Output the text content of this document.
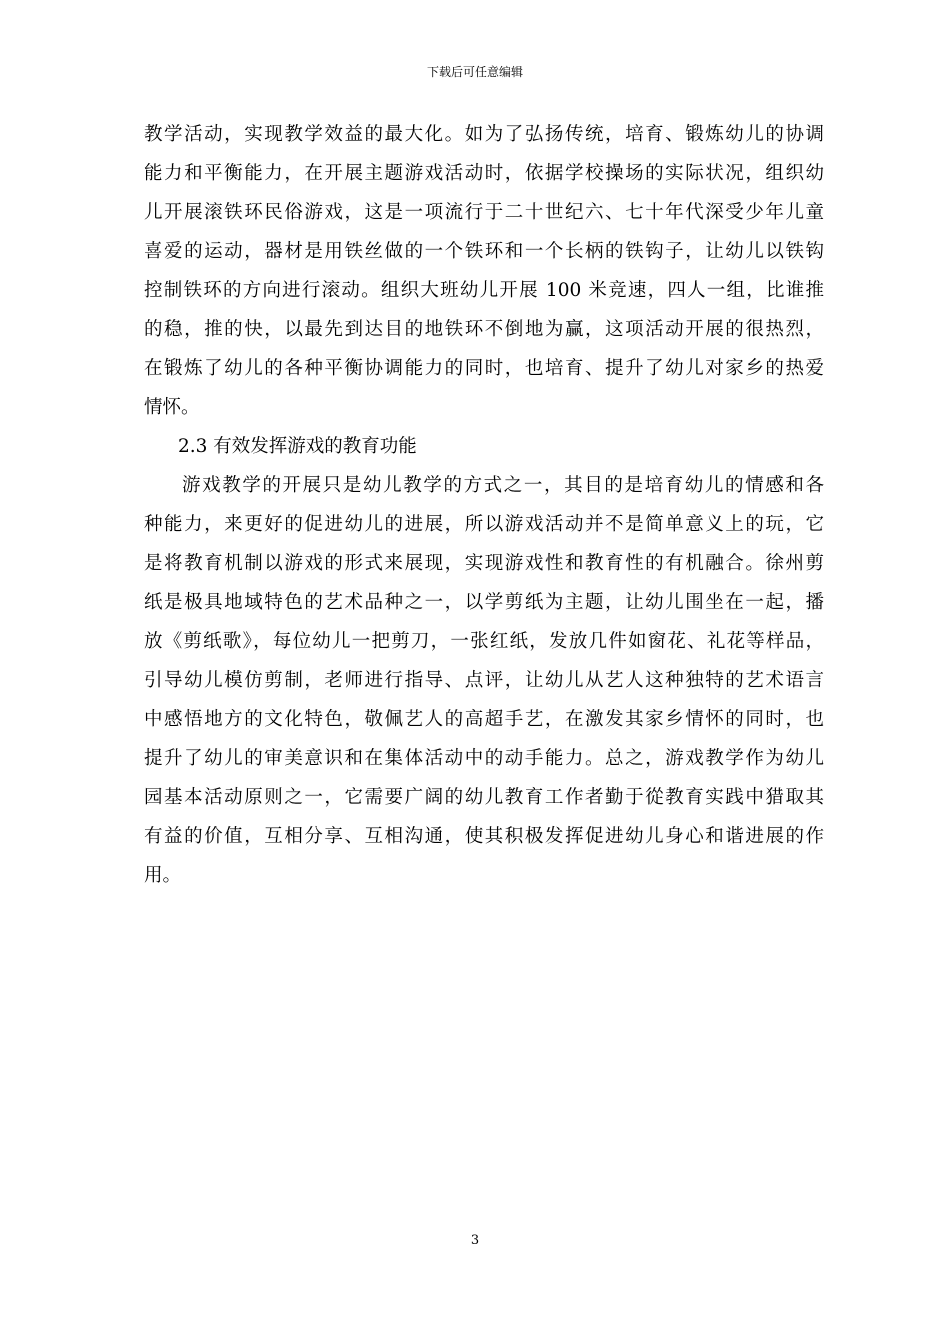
下载后可任意编辑
教学活动，实现教学效益的最大化。如为了弘扬传统，培育、锻炼幼儿的协调
能力和平衡能力，在开展主题游戏活动时，依据学校操场的实际状况，组织幼
儿开展滚铁环民俗游戏，这是一项流行于二十世纪六、七十年代深受少年儿童
喜爱的运动，器材是用铁丝做的一个铁环和一个长柄的铁钩子，让幼儿以铁钩
控制铁环的方向进行滚动。组织大班幼儿开展 100 米竞速，四人一组，比谁推
的稳，推的快，以最先到达目的地铁环不倒地为赢，这项活动开展的很热烈，
在锻炼了幼儿的各种平衡协调能力的同时，也培育、提升了幼儿对家乡的热爱
情怀。
2.3 有效发挥游戏的教育功能
游戏教学的开展只是幼儿教学的方式之一，其目的是培育幼儿的情感和各
种能力，来更好的促进幼儿的进展，所以游戏活动并不是简单意义上的玩，它
是将教育机制以游戏的形式来展现，实现游戏性和教育性的有机融合。徐州剪
纸是极具地域特色的艺术品种之一，以学剪纸为主题，让幼儿围坐在一起，播
放《剪纸歌》，每位幼儿一把剪刀，一张红纸，发放几件如窗花、礼花等样品，
引导幼儿模仿剪制，老师进行指导、点评，让幼儿从艺人这种独特的艺术语言
中感悟地方的文化特色，敬佩艺人的高超手艺，在激发其家乡情怀的同时，也
提升了幼儿的审美意识和在集体活动中的动手能力。总之，游戏教学作为幼儿
园基本活动原则之一，它需要广阔的幼儿教育工作者勤于從教育实践中猎取其
有益的价值，互相分享、互相沟通，使其积极发挥促进幼儿身心和谐进展的作
用。
3
